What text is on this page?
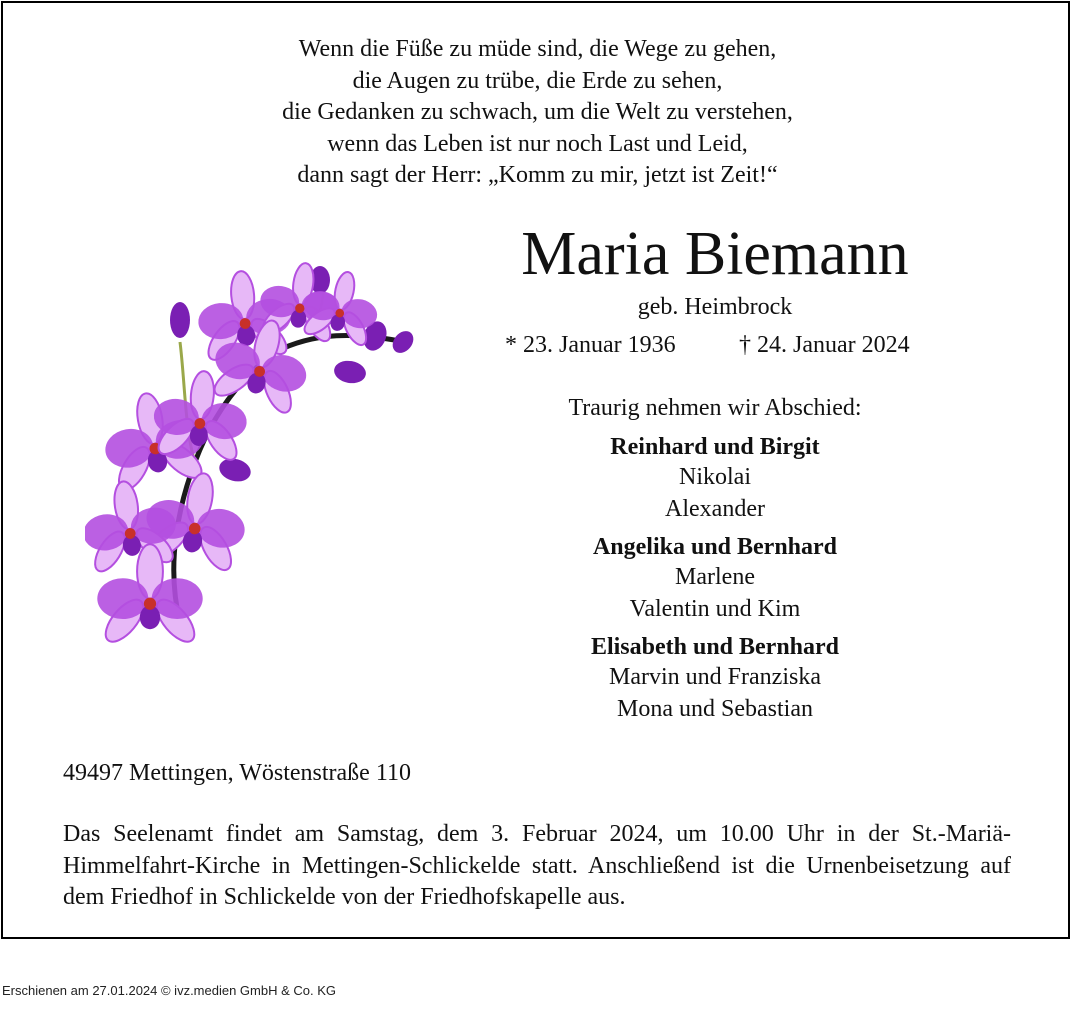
Wenn die Füße zu müde sind, die Wege zu gehen,
die Augen zu trübe, die Erde zu sehen,
die Gedanken zu schwach, um die Welt zu verstehen,
wenn das Leben ist nur noch Last und Leid,
dann sagt der Herr: „Komm zu mir, jetzt ist Zeit!“
Maria Biemann
geb. Heimbrock
* 23. Januar 1936	† 24. Januar 2024
Traurig nehmen wir Abschied:
Reinhard und Birgit
Nikolai
Alexander
Angelika und Bernhard
Marlene
Valentin und Kim
Elisabeth und Bernhard
Marvin und Franziska
Mona und Sebastian
49497 Mettingen, Wöstenstraße 110
Das Seelenamt findet am Samstag, dem 3. Februar 2024, um 10.00 Uhr in der St.-Mariä-Himmelfahrt-Kirche in Mettingen-Schlickelde statt. Anschließend ist die Urnenbeisetzung auf dem Friedhof in Schlickelde von der Friedhofskapelle aus.
Erschienen am 27.01.2024 © ivz.medien GmbH & Co. KG
